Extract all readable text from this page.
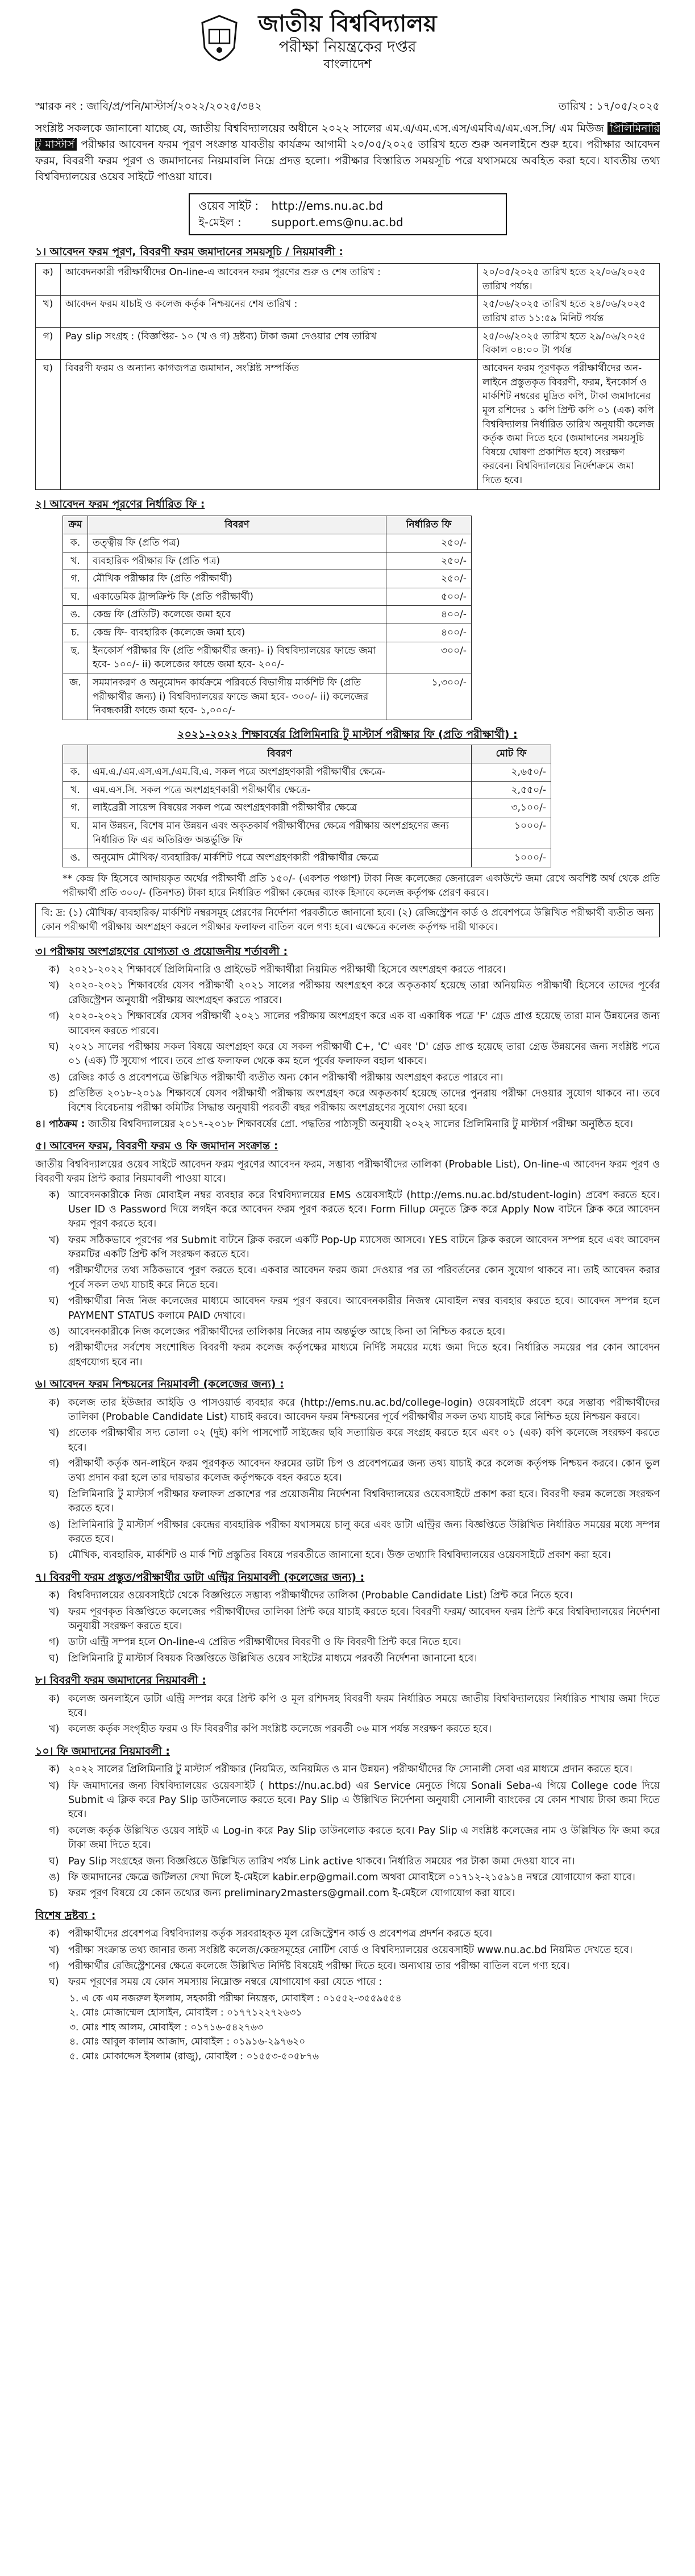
জাতীয় বিশ্ববিদ্যালয়
পরীক্ষা নিয়ন্ত্রকের দপ্তর
বাংলাদেশ
স্মারক নং : জাবি/প্র/পনি/মাস্টার্স/২০২২/২০২৫/৩৪২	তারিখ : ১৭/০৫/২০২৫
সংশ্লিষ্ট সকলকে জানানো যাচ্ছে যে, জাতীয় বিশ্ববিদ্যালয়ের অধীনে ২০২২ সালের এম.এ/এম.এস.এস/এমবিএ/এম.এস.সি/ এম মিউজ প্রিলিমিনারি টু মাস্টার্স পরীক্ষার আবেদন ফরম পূরণ সংক্রান্ত যাবতীয় কার্যক্রম আগামী ২০/০৫/২০২৫ তারিখ হতে শুরু অনলাইনে শুরু হবে। পরীক্ষার আবেদন ফরম, বিবরণী ফরম পূরণ ও জমাদানের নিয়মাবলি নিম্নে প্রদত্ত হলো। পরীক্ষার বিস্তারিত সময়সূচি পরে যথাসময়ে অবহিত করা হবে। যাবতীয় তথ্য বিশ্ববিদ্যালয়ের ওয়েব সাইটে পাওয়া যাবে।
ওয়েব সাইট : http://ems.nu.ac.bd
ই-মেইল :	support.ems@nu.ac.bd
১। আবেদন ফরম পূরণ, বিবরণী ফরম জমাদানের সময়সূচি / নিয়মাবলী :
ক)	আবেদনকারী পরীক্ষার্থীদের On-line-এ আবেদন ফরম পূরণের শুরু ও শেষ তারিখ :	২০/০৫/২০২৫ তারিখ হতে ২২/০৬/২০২৫ তারিখ পর্যন্ত।
খ)	আবেদন ফরম যাচাই ও কলেজ কর্তৃক নিশ্চয়নের শেষ তারিখ :	২৫/০৬/২০২৫ তারিখ হতে ২৪/০৬/২০২৫ তারিখ রাত ১১:৫৯ মিনিট পর্যন্ত
গ)	Pay slip সংগ্রহ : (বিজ্ঞপ্তির- ১০ (খ ও গ) দ্রষ্টব্য) টাকা জমা দেওয়ার শেষ তারিখ	২৫/০৬/২০২৫ তারিখ হতে ২৯/০৬/২০২৫ বিকাল ০৪:০০ টা পর্যন্ত
ঘ)	বিবরণী ফরম ও অন্যান্য কাগজপত্র জমাদান, সংশ্লিষ্ট সম্পর্কিত	আবেদন ফরম পূরণকৃত পরীক্ষার্থীদের অন-লাইনে প্রস্তুতকৃত বিবরণী, ফরম, ইনকোর্স ও মার্কশিট নম্বরের মুদ্রিত কপি, টাকা জমাদানের মূল রশিদের ১ কপি প্রিন্ট কপি ০১ (এক) কপি বিশ্ববিদ্যালয় নির্ধারিত তারিখ অনুযায়ী কলেজ কর্তৃক জমা দিতে হবে (জমাদানের সময়সূচি বিষয়ে ঘোষণা প্রকাশিত হবে) সংরক্ষণ করবেন। বিশ্ববিদ্যালয়ের নির্দেশক্রমে জমা দিতে হবে।
২। আবেদন ফরম পূরণের নির্ধারিত ফি :
ক্রম	বিবরণ	নির্ধারিত ফি
ক.	তত্ত্বীয় ফি (প্রতি পত্র)	২৫০/-
খ.	ব্যবহারিক পরীক্ষার ফি (প্রতি পত্র)	২৫০/-
গ.	মৌখিক পরীক্ষার ফি (প্রতি পরীক্ষার্থী)	২৫০/-
ঘ.	একাডেমিক ট্রান্সক্রিপ্ট ফি (প্রতি পরীক্ষার্থী)	৫০০/-
ঙ.	কেন্দ্র ফি (প্রতিটি) কলেজে জমা হবে	৪০০/-
চ.	কেন্দ্র ফি- ব্যবহারিক (কলেজে জমা হবে)	৪০০/-
ছ.	ইনকোর্স পরীক্ষার ফি (প্রতি পরীক্ষার্থীর জন্য)- i) বিশ্ববিদ্যালয়ের ফান্ডে জমা হবে- ১০০/- ii) কলেজের ফান্ডে জমা হবে- ২০০/-	৩০০/-
জ.	সমমানকরণ ও অনুমোদন কার্যক্রমে পরিবর্তে বিভাগীয় মার্কশিট ফি (প্রতি পরীক্ষার্থীর জন্য) i) বিশ্ববিদ্যালয়ের ফান্ডে জমা হবে- ৩০০/- ii) কলেজের নিবন্ধকারী ফান্ডে জমা হবে- ১,০০০/-	১,৩০০/-
২০২১-২০২২ শিক্ষাবর্ষের প্রিলিমিনারি টু মাস্টার্স পরীক্ষার ফি (প্রতি পরীক্ষার্থী) :
	বিবরণ	মোট ফি
ক.	এম.এ./এম.এস.এস./এম.বি.এ. সকল পত্রে অংশগ্রহণকারী পরীক্ষার্থীর ক্ষেত্রে-	২,৬৫০/-
খ.	এম.এস.সি. সকল পত্রে অংশগ্রহণকারী পরীক্ষার্থীর ক্ষেত্রে-	২,৫৫০/-
গ.	লাইব্রেরী সায়েন্স বিষয়ের সকল পত্রে অংশগ্রহণকারী পরীক্ষার্থীর ক্ষেত্রে	৩,১০০/-
ঘ.	মান উন্নয়ন, বিশেষ মান উন্নয়ন এবং অকৃতকার্য পরীক্ষার্থীদের ক্ষেত্রে পরীক্ষায় অংশগ্রহণের জন্য নির্ধারিত ফি এর অতিরিক্ত অন্তর্ভুক্তি ফি	১০০০/-
ঙ.	অনুমোদ মৌখিক/ ব্যবহারিক/ মার্কশিট পত্রে অংশগ্রহণকারী পরীক্ষার্থীর ক্ষেত্রে	১০০০/-
** কেন্দ্র ফি হিসেবে আদায়কৃত অর্থের পরীক্ষার্থী প্রতি ১৫০/- (একশত পঞ্চাশ) টাকা নিজ কলেজের জেনারেল একাউন্টে জমা রেখে অবশিষ্ট অর্থ থেকে প্রতি পরীক্ষার্থী প্রতি ৩০০/- (তিনশত) টাকা হারে নির্ধারিত পরীক্ষা কেন্দ্রের ব্যাংক হিসাবে কলেজ কর্তৃপক্ষ প্রেরণ করবে।
বি: দ্র: (১) মৌখিক/ ব্যবহারিক/ মার্কশিট নম্বরসমূহ প্রেরণের নির্দেশনা পরবর্তীতে জানানো হবে। (২) রেজিস্ট্রেশন কার্ড ও প্রবেশপত্রে উল্লিখিত পরীক্ষার্থী ব্যতীত অন্য কোন পরীক্ষার্থী পরীক্ষায় অংশগ্রহণ করলে পরীক্ষার ফলাফল বাতিল বলে গণ্য হবে। এক্ষেত্রে কলেজ কর্তৃপক্ষ দায়ী থাকবে।
৩। পরীক্ষায় অংশগ্রহণের যোগ্যতা ও প্রয়োজনীয় শর্তাবলী :
ক) ২০২১-২০২২ শিক্ষাবর্ষে প্রিলিমিনারি ও প্রাইভেট পরীক্ষার্থীরা নিয়মিত পরীক্ষার্থী হিসেবে অংশগ্রহণ করতে পারবে।
খ) ২০২০-২০২১ শিক্ষাবর্ষের যেসব পরীক্ষার্থী ২০২১ সালের পরীক্ষায় অংশগ্রহণ করে অকৃতকার্য হয়েছে তারা অনিয়মিত পরীক্ষার্থী হিসেবে তাদের পূর্বের রেজিস্ট্রেশন অনুযায়ী পরীক্ষায় অংশগ্রহণ করতে পারবে।
গ) ২০২০-২০২১ শিক্ষাবর্ষের যেসব পরীক্ষার্থী ২০২১ সালের পরীক্ষায় অংশগ্রহণ করে এক বা একাধিক পত্রে 'F' গ্রেড প্রাপ্ত হয়েছে তারা মান উন্নয়নের জন্য আবেদন করতে পারবে।
ঘ) ২০২১ সালের পরীক্ষায় সকল বিষয়ে অংশগ্রহণ করে যে সকল পরীক্ষার্থী C+, 'C' এবং 'D' গ্রেড প্রাপ্ত হয়েছে তারা গ্রেড উন্নয়নের জন্য সংশ্লিষ্ট পত্রে ০১ (এক) টি সুযোগ পাবে। তবে প্রাপ্ত ফলাফল থেকে কম হলে পূর্বের ফলাফল বহাল থাকবে।
ঙ) রেজিঃ কার্ড ও প্রবেশপত্রে উল্লিখিত পরীক্ষার্থী ব্যতীত অন্য কোন পরীক্ষার্থী পরীক্ষায় অংশগ্রহণ করতে পারবে না।
চ)	প্রতিষ্ঠিত ২০১৮-২০১৯ শিক্ষাবর্ষে যেসব পরীক্ষার্থী পরীক্ষায় অংশগ্রহণ করে অকৃতকার্য হয়েছে তাদের পুনরায় পরীক্ষা দেওয়ার সুযোগ থাকবে না। তবে বিশেষ বিবেচনায় পরীক্ষা কমিটির সিদ্ধান্ত অনুযায়ী পরবর্তী বছর পরীক্ষায় অংশগ্রহণের সুযোগ দেয়া হবে।
৪। পাঠক্রম : জাতীয় বিশ্ববিদ্যালয়ের ২০১৭-২০১৮ শিক্ষাবর্ষের প্রো. পদ্ধতির পাঠ্যসূচী অনুযায়ী ২০২২ সালের প্রিলিমিনারি টু মাস্টার্স পরীক্ষা অনুষ্ঠিত হবে।
৫। আবেদন ফরম, বিবরণী ফরম ও ফি জমাদান সংক্রান্ত :
জাতীয় বিশ্ববিদ্যালয়ের ওয়েব সাইটে আবেদন ফরম পূরণের আবেদন ফরম, সম্ভাব্য পরীক্ষার্থীদের তালিকা (Probable List), On-line-এ আবেদন ফরম পূরণ ও বিবরণী ফরম প্রিন্ট করার নিয়মাবলী পাওয়া যাবে।
ক) আবেদনকারীকে নিজ মোবাইল নম্বর ব্যবহার করে বিশ্ববিদ্যালয়ের EMS ওয়েবসাইটে (http://ems.nu.ac.bd/student-login) প্রবেশ করতে হবে। User ID ও Password দিয়ে লগইন করে আবেদন ফরম পূরণ করতে হবে। Form Fillup মেনুতে ক্লিক করে Apply Now বাটনে ক্লিক করে আবেদন ফরম পূরণ করতে হবে।
খ) ফরম সঠিকভাবে পূরণের পর Submit বাটনে ক্লিক করলে একটি Pop-Up ম্যাসেজ আসবে। YES বাটনে ক্লিক করলে আবেদন সম্পন্ন হবে এবং আবেদন ফরমটির একটি প্রিন্ট কপি সংরক্ষণ করতে হবে।
গ) পরীক্ষার্থীদের তথ্য সঠিকভাবে পূরণ করতে হবে। একবার আবেদন ফরম জমা দেওয়ার পর তা পরিবর্তনের কোন সুযোগ থাকবে না। তাই আবেদন করার পূর্বে সকল তথ্য যাচাই করে নিতে হবে।
ঘ) পরীক্ষার্থীরা নিজ নিজ কলেজের মাধ্যমে আবেদন ফরম পূরণ করবে। আবেদনকারীর নিজস্ব মোবাইল নম্বর ব্যবহার করতে হবে। আবেদন সম্পন্ন হলে PAYMENT STATUS কলামে PAID দেখাবে।
ঙ) আবেদনকারীকে নিজ কলেজের পরীক্ষার্থীদের তালিকায় নিজের নাম অন্তর্ভুক্ত আছে কিনা তা নিশ্চিত করতে হবে।
চ)	পরীক্ষার্থীদের সর্বশেষ সংশোধিত বিবরণী ফরম কলেজ কর্তৃপক্ষের মাধ্যমে নির্দিষ্ট সময়ের মধ্যে জমা দিতে হবে। নির্ধারিত সময়ের পর কোন আবেদন গ্রহণযোগ্য হবে না।
৬। আবেদন ফরম নিশ্চয়নের নিয়মাবলী (কলেজের জন্য) :
ক) কলেজ তার ইউজার আইডি ও পাসওয়ার্ড ব্যবহার করে (http://ems.nu.ac.bd/college-login) ওয়েবসাইটে প্রবেশ করে সম্ভাব্য পরীক্ষার্থীদের তালিকা (Probable Candidate List) যাচাই করবে। আবেদন ফরম নিশ্চয়নের পূর্বে পরীক্ষার্থীর সকল তথ্য যাচাই করে নিশ্চিত হয়ে নিশ্চয়ন করবে।
খ) প্রত্যেক পরীক্ষার্থীর সদ্য তোলা ০২ (দুই) কপি পাসপোর্ট সাইজের ছবি সত্যায়িত করে সংগ্রহ করতে হবে এবং ০১ (এক) কপি কলেজে সংরক্ষণ করতে হবে।
গ) পরীক্ষার্থী কর্তৃক অন-লাইনে ফরম পূরণকৃত আবেদন ফরমের ডাটা চিপ ও প্রবেশপত্রের জন্য তথ্য যাচাই করে কলেজ কর্তৃপক্ষ নিশ্চয়ন করবে। কোন ভুল তথ্য প্রদান করা হলে তার দায়ভার কলেজ কর্তৃপক্ষকে বহন করতে হবে।
ঘ) প্রিলিমিনারি টু মাস্টার্স পরীক্ষার ফলাফল প্রকাশের পর প্রয়োজনীয় নির্দেশনা বিশ্ববিদ্যালয়ের ওয়েবসাইটে প্রকাশ করা হবে। বিবরণী ফরম কলেজে সংরক্ষণ করতে হবে।
ঙ) প্রিলিমিনারি টু মাস্টার্স পরীক্ষার কেন্দ্রের ব্যবহারিক পরীক্ষা যথাসময়ে চালু করে এবং ডাটা এন্ট্রির জন্য বিজ্ঞপ্তিতে উল্লিখিত নির্ধারিত সময়ের মধ্যে সম্পন্ন করতে হবে।
চ)	মৌখিক, ব্যবহারিক, মার্কশিট ও মার্ক শিট প্রস্তুতির বিষয়ে পরবর্তীতে জানানো হবে। উক্ত তথ্যাদি বিশ্ববিদ্যালয়ের ওয়েবসাইটে প্রকাশ করা হবে।
৭। বিবরণী ফরম প্রস্তুত/পরীক্ষার্থীর ডাটা এন্ট্রির নিয়মাবলী (কলেজের জন্য) :
ক) বিশ্ববিদ্যালয়ের ওয়েবসাইটে থেকে বিজ্ঞপ্তিতে সম্ভাব্য পরীক্ষার্থীদের তালিকা (Probable Candidate List) প্রিন্ট করে নিতে হবে।
খ) ফরম পূরণকৃত বিজ্ঞপ্তিতে কলেজের পরীক্ষার্থীদের তালিকা প্রিন্ট করে যাচাই করতে হবে। বিবরণী ফরম/ আবেদন ফরম প্রিন্ট করে বিশ্ববিদ্যালয়ের নির্দেশনা অনুযায়ী সংরক্ষণ করতে হবে।
গ) ডাটা এন্ট্রি সম্পন্ন হলে On-line-এ প্রেরিত পরীক্ষার্থীদের বিবরণী ও ফি বিবরণী প্রিন্ট করে নিতে হবে।
ঘ) প্রিলিমিনারি টু মাস্টার্স বিষয়ক বিজ্ঞপ্তিতে উল্লিখিত ওয়েব সাইটের মাধ্যমে পরবর্তী নির্দেশনা জানানো হবে।
৮। বিবরণী ফরম জমাদানের নিয়মাবলী :
ক) কলেজ অনলাইনে ডাটা এন্ট্রি সম্পন্ন করে প্রিন্ট কপি ও মূল রশিদসহ বিবরণী ফরম নির্ধারিত সময়ে জাতীয় বিশ্ববিদ্যালয়ের নির্ধারিত শাখায় জমা দিতে হবে।
খ) কলেজ কর্তৃক সংগৃহীত ফরম ও ফি বিবরণীর কপি সংশ্লিষ্ট কলেজে পরবর্তী ০৬ মাস পর্যন্ত সংরক্ষণ করতে হবে।
১০। ফি জমাদানের নিয়মাবলী :
ক) ২০২২ সালের প্রিলিমিনারি টু মাস্টার্স পরীক্ষার (নিয়মিত, অনিয়মিত ও মান উন্নয়ন) পরীক্ষার্থীদের ফি সোনালী সেবা এর মাধ্যমে প্রদান করতে হবে।
খ) ফি জমাদানের জন্য বিশ্ববিদ্যালয়ের ওয়েবসাইট ( https://nu.ac.bd) এর Service মেনুতে গিয়ে Sonali Seba-এ গিয়ে College code দিয়ে Submit এ ক্লিক করে Pay Slip ডাউনলোড করতে হবে। Pay Slip এ উল্লিখিত নির্দেশনা অনুযায়ী সোনালী ব্যাংকের যে কোন শাখায় টাকা জমা দিতে হবে।
গ) কলেজ কর্তৃক উল্লিখিত ওয়েব সাইট এ Log-in করে Pay Slip ডাউনলোড করতে হবে। Pay Slip এ সংশ্লিষ্ট কলেজের নাম ও উল্লিখিত ফি জমা করে টাকা জমা দিতে হবে।
ঘ) Pay Slip সংগ্রহের জন্য বিজ্ঞপ্তিতে উল্লিখিত তারিখ পর্যন্ত Link active থাকবে। নির্ধারিত সময়ের পর টাকা জমা দেওয়া যাবে না।
ঙ) ফি জমাদানের ক্ষেত্রে জটিলতা দেখা দিলে ই-মেইলে kabir.erp@gmail.com অথবা মোবাইলে ০১৭১২-২১৫৯১৪ নম্বরে যোগাযোগ করা যাবে।
চ)	ফরম পূরণ বিষয়ে যে কোন তথ্যের জন্য preliminary2masters@gmail.com ই-মেইলে যোগাযোগ করা যাবে।
বিশেষ দ্রষ্টব্য :
ক) পরীক্ষার্থীদের প্রবেশপত্র বিশ্ববিদ্যালয় কর্তৃক সরবরাহকৃত মূল রেজিস্ট্রেশন কার্ড ও প্রবেশপত্র প্রদর্শন করতে হবে।
খ) পরীক্ষা সংক্রান্ত তথ্য জানার জন্য সংশ্লিষ্ট কলেজ/কেন্দ্রসমূহের নোটিশ বোর্ড ও বিশ্ববিদ্যালয়ের ওয়েবসাইট www.nu.ac.bd নিয়মিত দেখতে হবে।
গ) পরীক্ষার্থীর রেজিস্ট্রেশনের ক্ষেত্রে কলেজে উল্লিখিত নির্দিষ্ট বিষয়েই পরীক্ষা দিতে হবে। অন্যথায় তার পরীক্ষা বাতিল বলে গণ্য হবে।
ঘ) ফরম পূরণের সময় যে কোন সমস্যায় নিম্নোক্ত নম্বরে যোগাযোগ করা যেতে পারে :
১. এ কে এম নজরুল ইসলাম, সহকারী পরীক্ষা নিয়ন্ত্রক, মোবাইল : ০১৫৫২-৩৫৫৯৫৫৪
২. মোঃ মোজাম্মেল হোসাইন, মোবাইল : ০১৭৭১২২৭২৬৩১
৩. মোঃ শাহ আলম, মোবাইল : ০১৭১৬-৫৪২৭৬৩
৪. মোঃ আবুল কালাম আজাদ, মোবাইল : ০১৯১৬-২৯৭৬২০
৫. মোঃ মোকাদ্দেস ইসলাম (রাজু), মোবাইল : ০১৫৫৩-৫০৫৮৭৬
